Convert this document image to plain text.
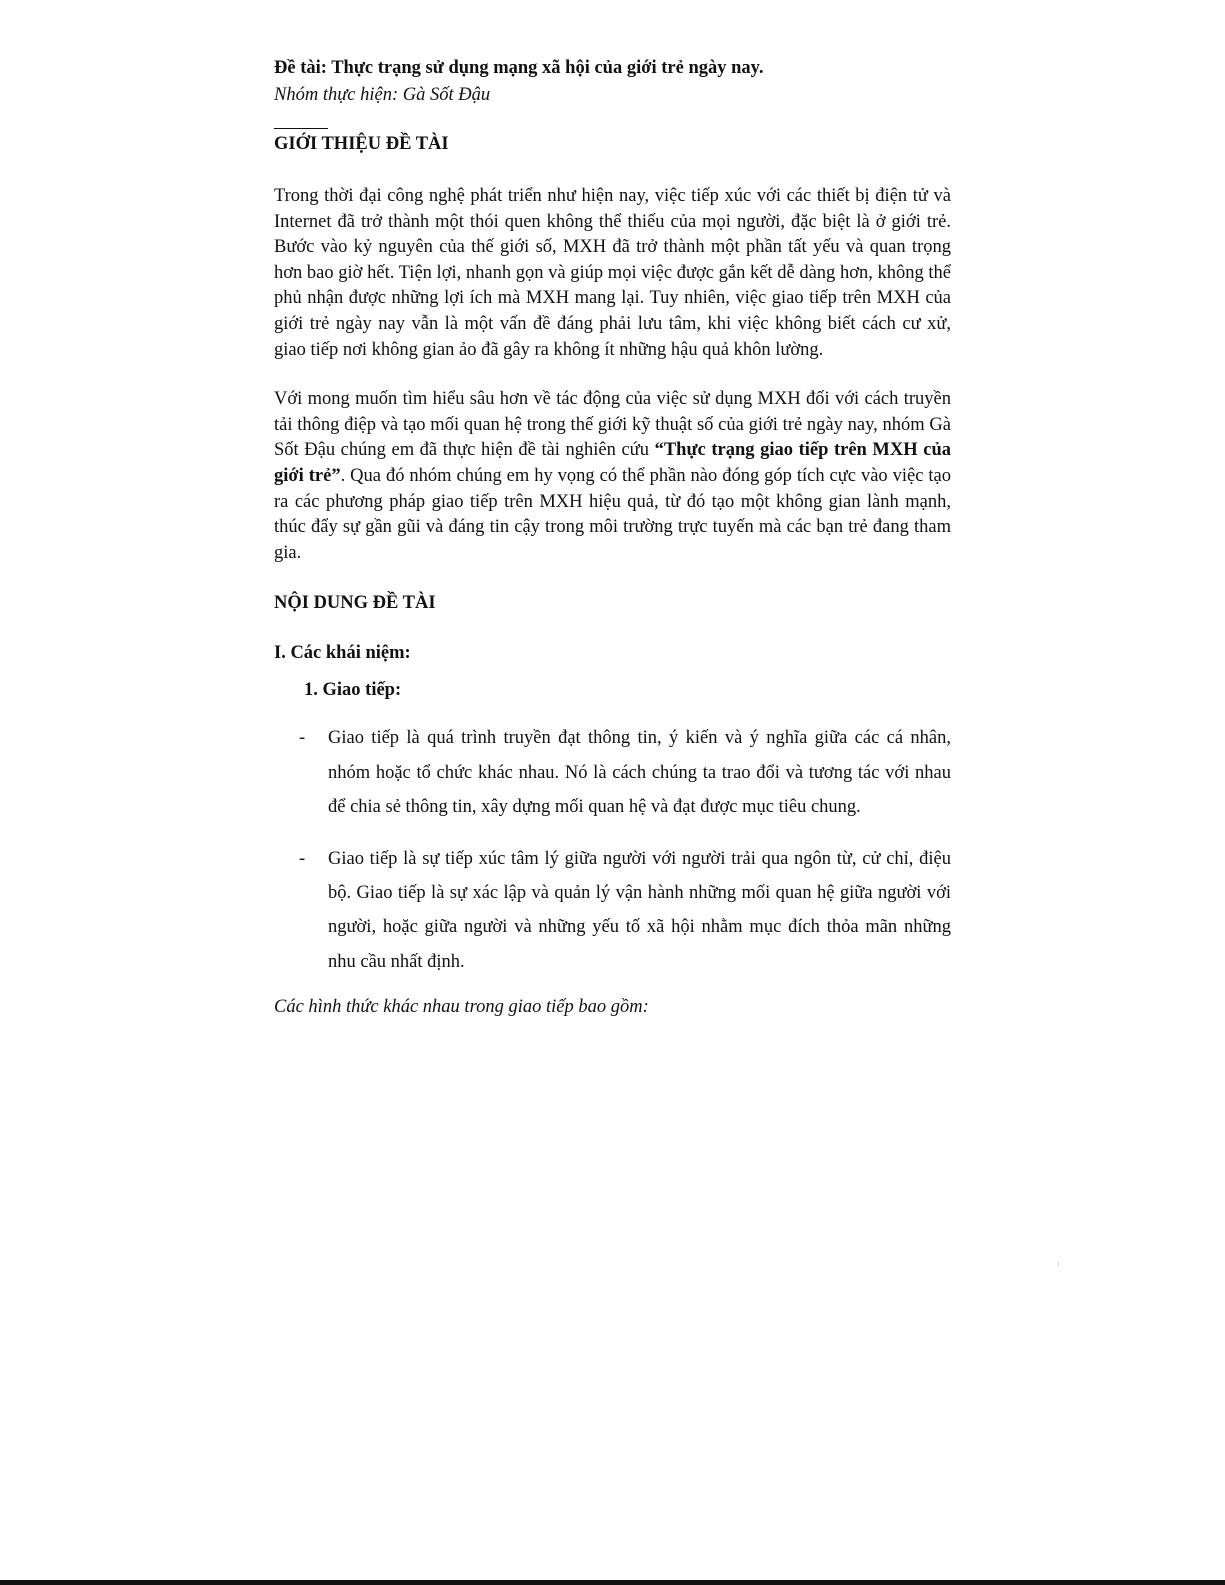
Đề tài: Thực trạng sử dụng mạng xã hội của giới trẻ ngày nay.

Nhóm thực hiện: Gà Sốt Đậu

GIỚI THIỆU ĐỀ TÀI

Trong thời đại công nghệ phát triển như hiện nay, việc tiếp xúc với các thiết bị điện tử và Internet đã trở thành một thói quen không thể thiếu của mọi người, đặc biệt là ở giới trẻ. Bước vào kỷ nguyên của thế giới số, MXH đã trở thành một phần tất yếu và quan trọng hơn bao giờ hết. Tiện lợi, nhanh gọn và giúp mọi việc được gắn kết dễ dàng hơn, không thể phủ nhận được những lợi ích mà MXH mang lại. Tuy nhiên, việc giao tiếp trên MXH của giới trẻ ngày nay vẫn là một vấn đề đáng phải lưu tâm, khi việc không biết cách cư xử, giao tiếp nơi không gian ảo đã gây ra không ít những hậu quả khôn lường.

Với mong muốn tìm hiểu sâu hơn về tác động của việc sử dụng MXH đối với cách truyền tải thông điệp và tạo mối quan hệ trong thế giới kỹ thuật số của giới trẻ ngày nay, nhóm Gà Sốt Đậu chúng em đã thực hiện đề tài nghiên cứu “Thực trạng giao tiếp trên MXH của giới trẻ”. Qua đó nhóm chúng em hy vọng có thể phần nào đóng góp tích cực vào việc tạo ra các phương pháp giao tiếp trên MXH hiệu quả, từ đó tạo một không gian lành mạnh, thúc đẩy sự gần gũi và đáng tin cậy trong môi trường trực tuyến mà các bạn trẻ đang tham gia.

NỘI DUNG ĐỀ TÀI

I. Các khái niệm:

1. Giao tiếp:

- Giao tiếp là quá trình truyền đạt thông tin, ý kiến và ý nghĩa giữa các cá nhân, nhóm hoặc tổ chức khác nhau. Nó là cách chúng ta trao đổi và tương tác với nhau để chia sẻ thông tin, xây dựng mối quan hệ và đạt được mục tiêu chung.
- Giao tiếp là sự tiếp xúc tâm lý giữa người với người trải qua ngôn từ, cử chỉ, điệu bộ. Giao tiếp là sự xác lập và quản lý vận hành những mối quan hệ giữa người với người, hoặc giữa người và những yếu tố xã hội nhằm mục đích thỏa mãn những nhu cầu nhất định.

Các hình thức khác nhau trong giao tiếp bao gồm:
